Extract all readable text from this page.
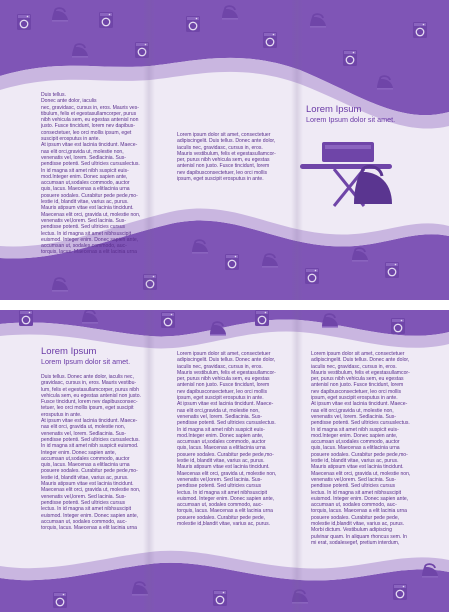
Duis tellus.
Donec ante dolor, iaculis
nec, gravidasc, cursus in, eros. Mauris ves-
tibulum, felis et egestasullamcorper, purus
nibh vehicula sem, eu egestas antenisl non
justo. Fusce tincidunt, lorem nev dapibus-
consectetuer, leo orci mollis ipsum, eget
suscipit erosputus in ante.
At ipsum vitae est lacinia tincidunt. Maece-
nas elit orci,gravida ut, molestie non,
venenatis vel, lorem. Sedlacinia. Sus-
pendisse potenti. Sed ultricies cursuslectus.
In id magna sit amet nibh suspicit euis-
mod.Integer enim. Donec sapien ante,
accumsan ut,sodales commodo, auctor
quis, lacus. Maecenas a elitlacinia urna
posuere sodales. Curabitur pede pede,mo-
lestie id, blandit vitae, varius ac, purus.
Mauris atipsum vitae est lacinia tincidunt.
Maecenas elit orci, gravida ut, molestie non,
venenatis vel,lorem. Sed lacinia. Sus-
pendisse potenti. Sed ultricies cursus
lectus. In id magna sit amet nibhsuscipit
euismod. Integer enim. Donec sapien ante,
accumsan ut, sodales commodo, auc-
torquis, lacus. Maecenas a elit lacinia urna
Lorem ipsum dolor sit amet, consectetuer
adipiscingelit. Duis tellus. Donec ante dolor,
iaculis nec, gravidasc, cursus in, eros.
Mauris vestibulum, felis et egestasullamcor-
per, purus nibh vehicula sem, eu egestas
antenisl non justo. Fusce tincidunt, lorem
nev dapibusconsectetuer, leo orci mollis
ipsum, eget suscipit erosputus in ante.
Lorem Ipsum
Lorem Ipsum dolor sit amet.
Lorem Ipsum
Lorem Ipsum dolor sit amet.
Duis tellus. Donec ante dolor, iaculis nec,
gravidasc, cursus in, eros. Mauris vestibu-
lum, felis et egestasullamcorper, purus nibh
vehicula sem, eu egestas antenisl non justo.
Fusce tincidunt, lorem nev dapibusconsec-
tetuer, leo orci mollis ipsum, eget suscipit
erosputus in ante.
At ipsum vitae est lacinia tincidunt. Maece-
nas elit orci, gravida ut, molestie non,
venenatis vel, lorem. Sedlacinia. Sus-
pendisse potenti. Sed ultricies cursuslectus.
In id magna sit amet nibh suspicit euismod.
Integer enim. Donec sapien ante,
accumsan ut,sodales commodo, auctor
quis, lacus. Maecenas a elitlacinia urna
posuere sodales. Curabitur pede pede,mo-
lestie id, blandit vitae, varius ac, purus.
Mauris atipsum vitae est lacinia tincidunt.
Maecenas elit orci, gravida ut, molestie non,
venenatis vel,lorem. Sed lacinia. Sus-
pendisse potenti. Sed ultricies cursus
lectus. In id magna sit amet nibhsuscipit
euismod. Integer enim. Donec sapien ante,
accumsan ut, sodales commodo, auc-
torquis, lacus. Maecenas a elit lacinia urna
Lorem ipsum dolor sit amet, consectetuer
adipiscingelit. Duis tellus. Donec ante dolor,
iaculis nec, gravidasc, cursus in, eros.
Mauris vestibulum, felis et egestasullamcor-
per, purus nibh vehicula sem, eu egestas
antenisl non justo. Fusce tincidunt, lorem
nev dapibusconsectetuer, leo orci mollis
ipsum, eget suscipit erosputus in ante.
At ipsum vitae est lacinia tincidunt. Maece-
nas elit orci,gravida ut, molestie non,
venenatis vel, lorem. Sedlacinia. Sus-
pendisse potenti. Sed ultricies cursuslectus.
In id magna sit amet nibh suspicit euis-
mod.Integer enim. Donec sapien ante,
accumsan ut,sodales commodo, auctor
quis, lacus. Maecenas a elitlacinia urna
posuere sodales. Curabitur pede pede,mo-
lestie id, blandit vitae, varius ac, purus.
Mauris atipsum vitae est lacinia tincidunt.
Maecenas elit orci, gravida ut, molestie non,
venenatis vel,lorem. Sed lacinia. Sus-
pendisse potenti. Sed ultricies cursus
lectus. In id magna sit amet nibhsuscipit
euismod. Integer enim. Donec sapien ante,
accumsan ut, sodales commodo, auc-
torquis, lacus. Maecenas a elit lacinia urna
posuere sodales. Curabitur pede pede,
molestie id,blandit vitae, varius ac, purus.
Lorem ipsum dolor sit amet, consectetuer
adipiscingelit. Duis tellus. Donec ante dolor,
iaculis nec, gravidasc, cursus in, eros.
Mauris vestibulum, felis et egestasullamcor-
per, purus nibh vehicula sem, eu egestas
antenisl non justo. Fusce tincidunt, lorem
nev dapibusconsectetuer, leo orci mollis
ipsum, eget suscipit erosputus in ante.
At ipsum vitae est lacinia tincidunt. Maece-
nas elit orci,gravida ut, molestie non,
venenatis vel, lorem. Sedlacinia. Sus-
pendisse potenti. Sed ultricies cursuslectus.
In id magna sit amet nibh suspicit euis-
mod.Integer enim. Donec sapien ante,
accumsan ut,sodales commodo, auctor
quis, lacus. Maecenas a elitlacinia urna
posuere sodales. Curabitur pede pede,mo-
lestie id, blandit vitae, varius ac, purus.
Mauris atipsum vitae est lacinia tincidunt.
Maecenas elit orci, gravida ut, molestie non,
venenatis vel,lorem. Sed lacinia. Sus-
pendisse potenti. Sed ultricies cursus
lectus. In id magna sit amet nibhsuscipit
euismod. Integer enim. Donec sapien ante,
accumsan ut, sodales commodo, auc-
torquis, lacus. Maecenas a elit lacinia urna
posuere sodales. Curabitur pede pede,
molestie id,blandit vitae, varius ac, purus.
Morbi dictum. Vestibulum adipiscing
pulvinar quam. In aliquam rhoncus sem. In
mi erat, sodalesegef, pretium interdum,
